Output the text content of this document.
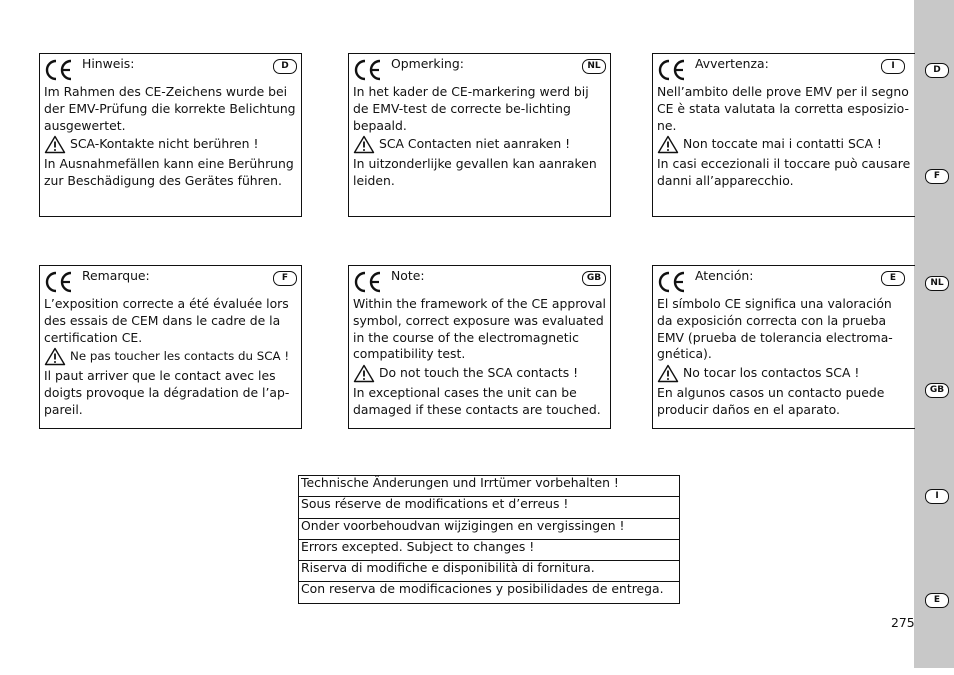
D
F
NL
GB
I
E
Hinweis:	D

Im Rahmen des CE-Zeichens wurde bei der EMV-Prüfung die korrekte Belichtung ausgewertet.

SCA-Kontakte nicht berühren !

In Ausnahmefällen kann eine Berührung zur Beschädigung des Gerätes führen.

Opmerking:	NL

In het kader de CE-markering werd bij de EMV-test de correcte be-lichting bepaald.

SCA Contacten niet aanraken !

In uitzonderlijke gevallen kan aanraken leiden.

Avvertenza:	I

Nell’ambito delle prove EMV per il segno CE è stata valutata la corretta esposizio-ne.

Non toccate mai i contatti SCA !

In casi eccezionali il toccare può causare danni all’apparecchio.

Remarque:	F

L’exposition correcte a été évaluée lors des essais de CEM dans le cadre de la certification CE.

Ne pas toucher les contacts du SCA !

Il paut arriver que le contact avec les doigts provoque la dégradation de l’ap-pareil.

Note:	GB

Within the framework of the CE approval symbol, correct exposure was evaluated in the course of the electromagnetic compatibility test.

Do not touch the SCA contacts !

In exceptional cases the unit can be damaged if these contacts are touched.

Atención:	E

El símbolo CE significa una valoración da exposición correcta con la prueba EMV (prueba de tolerancia electroma-gnética).

No tocar los contactos SCA !

En algunos casos un contacto puede producir daños en el aparato.

Technische Änderungen und Irrtümer vorbehalten !
Sous réserve de modifications et d’erreus !
Onder voorbehoudvan wijzigingen en vergissingen !
Errors excepted. Subject to changes !
Riserva di modifiche e disponibilità di fornitura.
Con reserva de modificaciones y posibilidades de entrega.
275
